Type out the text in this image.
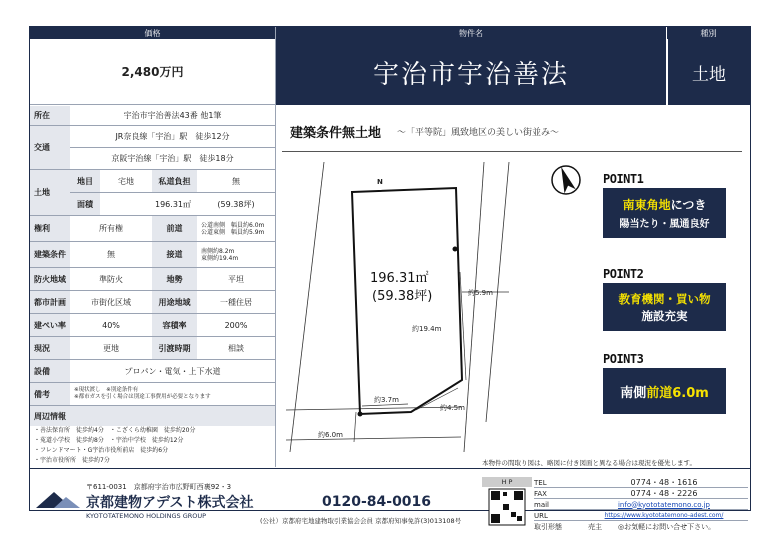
価格	物件名	種別
2,480万円	宇治市宇治善法	土地
所在	宇治市宇治善法43番 他1筆
交通
JR奈良線「宇治」駅　徒歩12分
京阪宇治線「宇治」駅　徒歩18分
土地
地目	宅地	私道負担	無
面積	196.31㎡	(59.38坪)
権利	所有権	前道	公道南側　幅員約6.0m
公道東側　幅員約5.9m
建築条件	無	接道	南側約8.2m
東側約19.4m
防火地域	準防火	地勢	平坦
都市計画	市街化区域	用途地域	一種住居
建ぺい率	40%	容積率	200%
現況	更地	引渡時期	相談
設備	プロパン・電気・上下水道
備考	※現状渡し　※別途条件有
※都市ガスを引く場合は別途工事費用が必要となります
周辺情報
・善法保育所　徒歩約4分　・こざくら幼稚園　徒歩約20分
・菟道小学校　徒歩約8分　・宇治中学校　徒歩約12分
・フレンドマート・G宇治市役所前店　徒歩約6分
・宇治市役所所　徒歩約7分
建築条件無土地 ～「平等院」風致地区の美しい街並み～
N
196.31㎡
(59.38坪)	約5.9m
約19.4m
約3.7m
約4.5m
約6.0m
本物件の間取り図は、略図に付き図面と異なる場合は現況を優先します。
POINT1
南東角地につき
陽当たり・風通良好
POINT2
教育機関・買い物
施設充実
POINT3
南側 前道6.0m
〒611-0031　京都府宇治市広野町西裏92・3
京都建物アデスト株式会社
KYOTOTATEMONO HOLDINGS GROUP
0120-84-0016
(公社）京都府宅地建物取引業協会会員 京都府知事免許(3)013108号
H P	TEL	0774・48・1616
FAX	0774・48・2226
mail	info@kyototatemono.co.jp
URL	https://www.kyototatemono-adest.com/
取引形態	売主	◎お気軽にお問い合せ下さい。
